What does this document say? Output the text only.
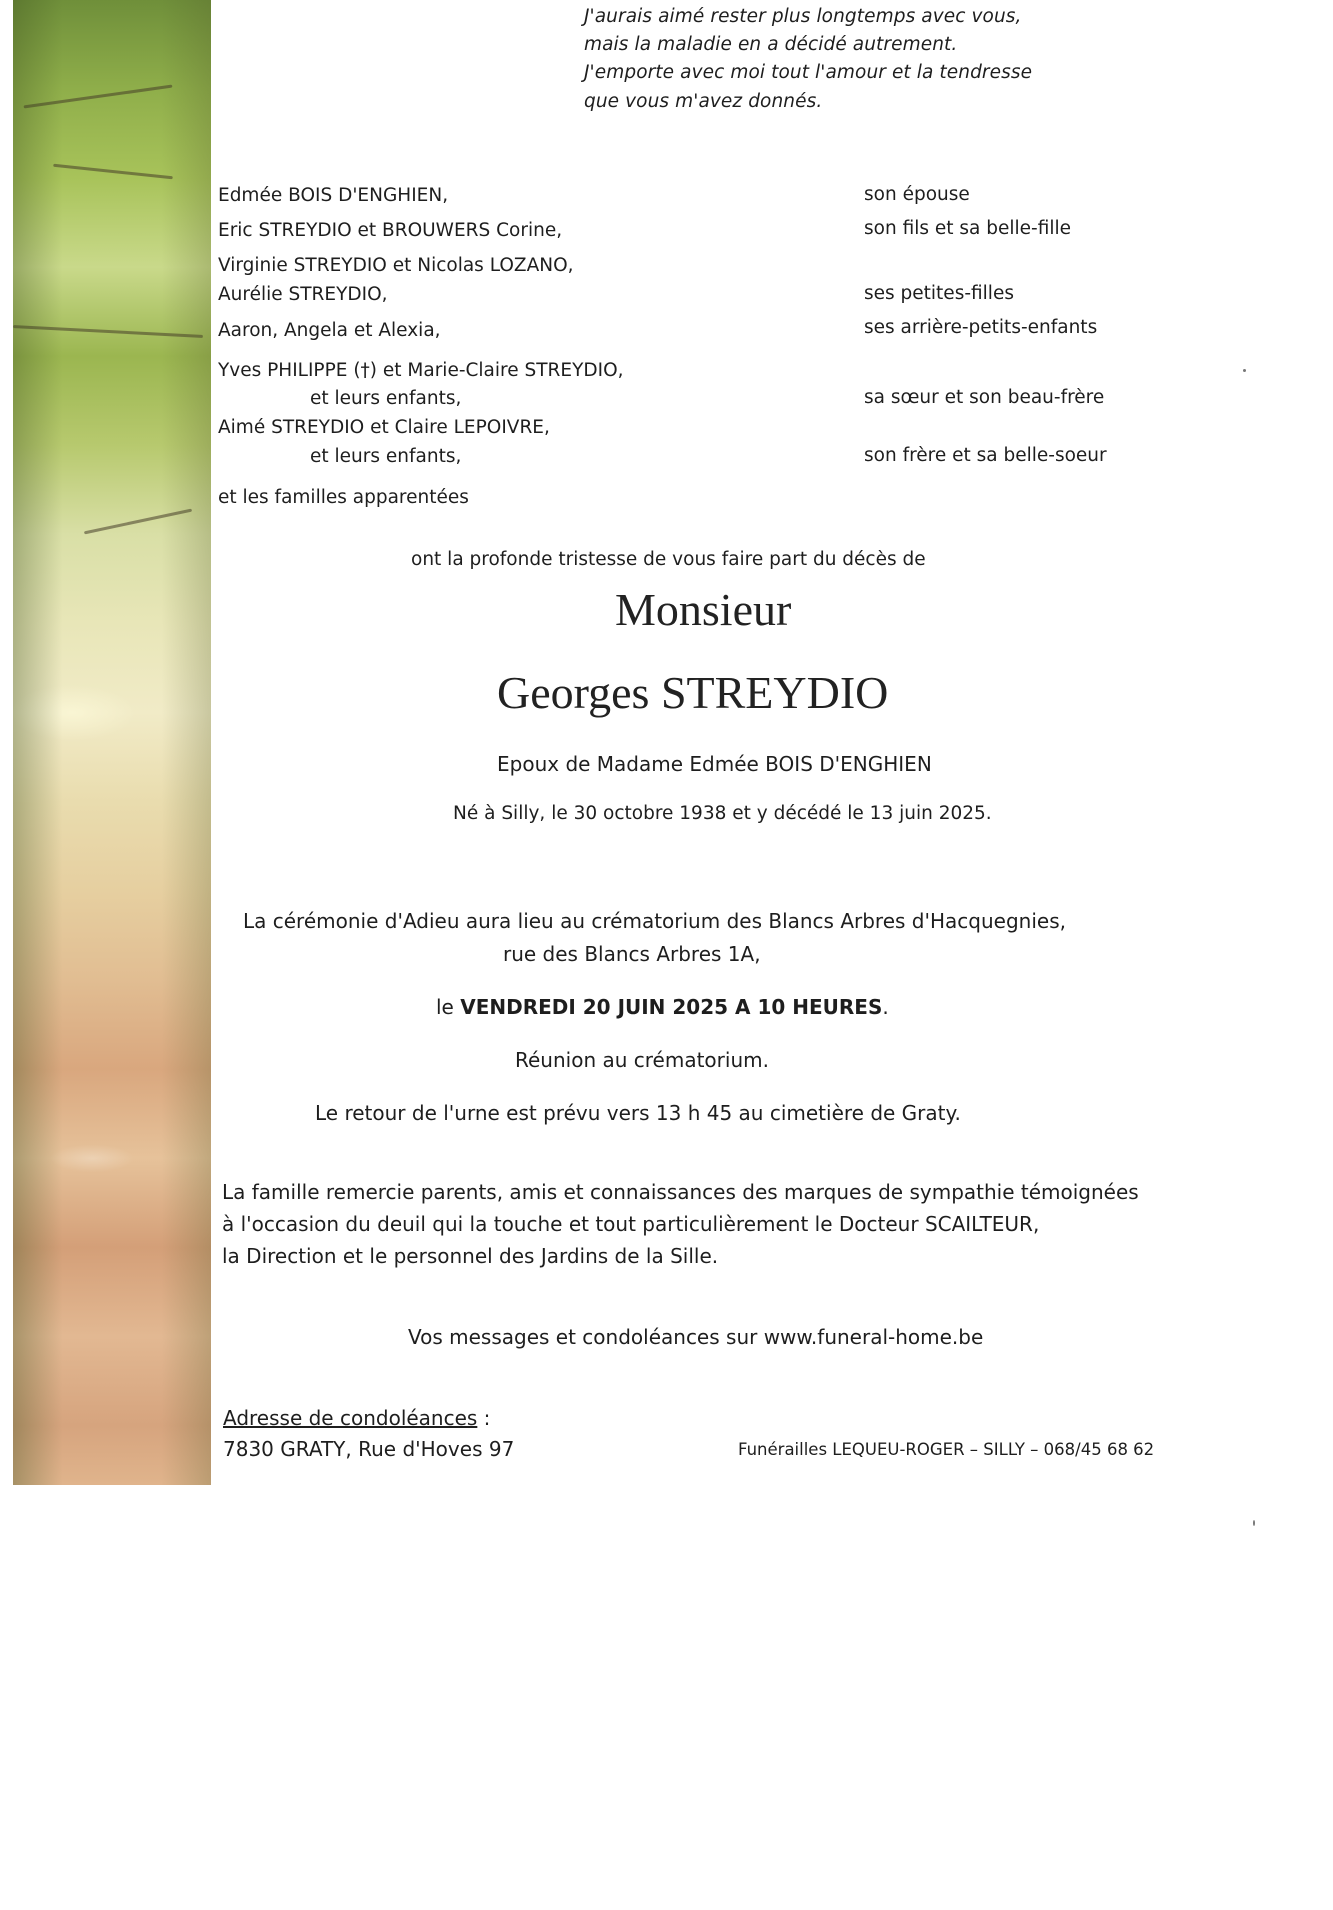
J'aurais aimé rester plus longtemps avec vous,
mais la maladie en a décidé autrement.
J'emporte avec moi tout l'amour et la tendresse
que vous m'avez donnés.
Edmée BOIS D'ENGHIEN,
Eric STREYDIO et BROUWERS Corine,
Virginie STREYDIO et Nicolas LOZANO,
Aurélie STREYDIO,
Aaron, Angela et Alexia,
Yves PHILIPPE (†) et Marie-Claire STREYDIO,
et leurs enfants,
Aimé STREYDIO et Claire LEPOIVRE,
et leurs enfants,
et les familles apparentées
son épouse
son fils et sa belle-fille
ses petites-filles
ses arrière-petits-enfants
sa sœur et son beau-frère
son frère et sa belle-soeur
ont la profonde tristesse de vous faire part du décès de
Monsieur
Georges STREYDIO
Epoux de Madame Edmée BOIS D'ENGHIEN
Né à Silly, le 30 octobre 1938 et y décédé le 13 juin 2025.
La cérémonie d'Adieu aura lieu au crématorium des Blancs Arbres d'Hacquegnies,
rue des Blancs Arbres 1A,
le VENDREDI 20 JUIN 2025 A 10 HEURES.
Réunion au crématorium.
Le retour de l'urne est prévu vers 13 h 45 au cimetière de Graty.
La famille remercie parents, amis et connaissances des marques de sympathie témoignées
à l'occasion du deuil qui la touche et tout particulièrement le Docteur SCAILTEUR,
la Direction et le personnel des Jardins de la Sille.
Vos messages et condoléances sur www.funeral-home.be
Adresse de condoléances :
7830 GRATY, Rue d'Hoves 97	Funérailles LEQUEU-ROGER – SILLY – 068/45 68 62
